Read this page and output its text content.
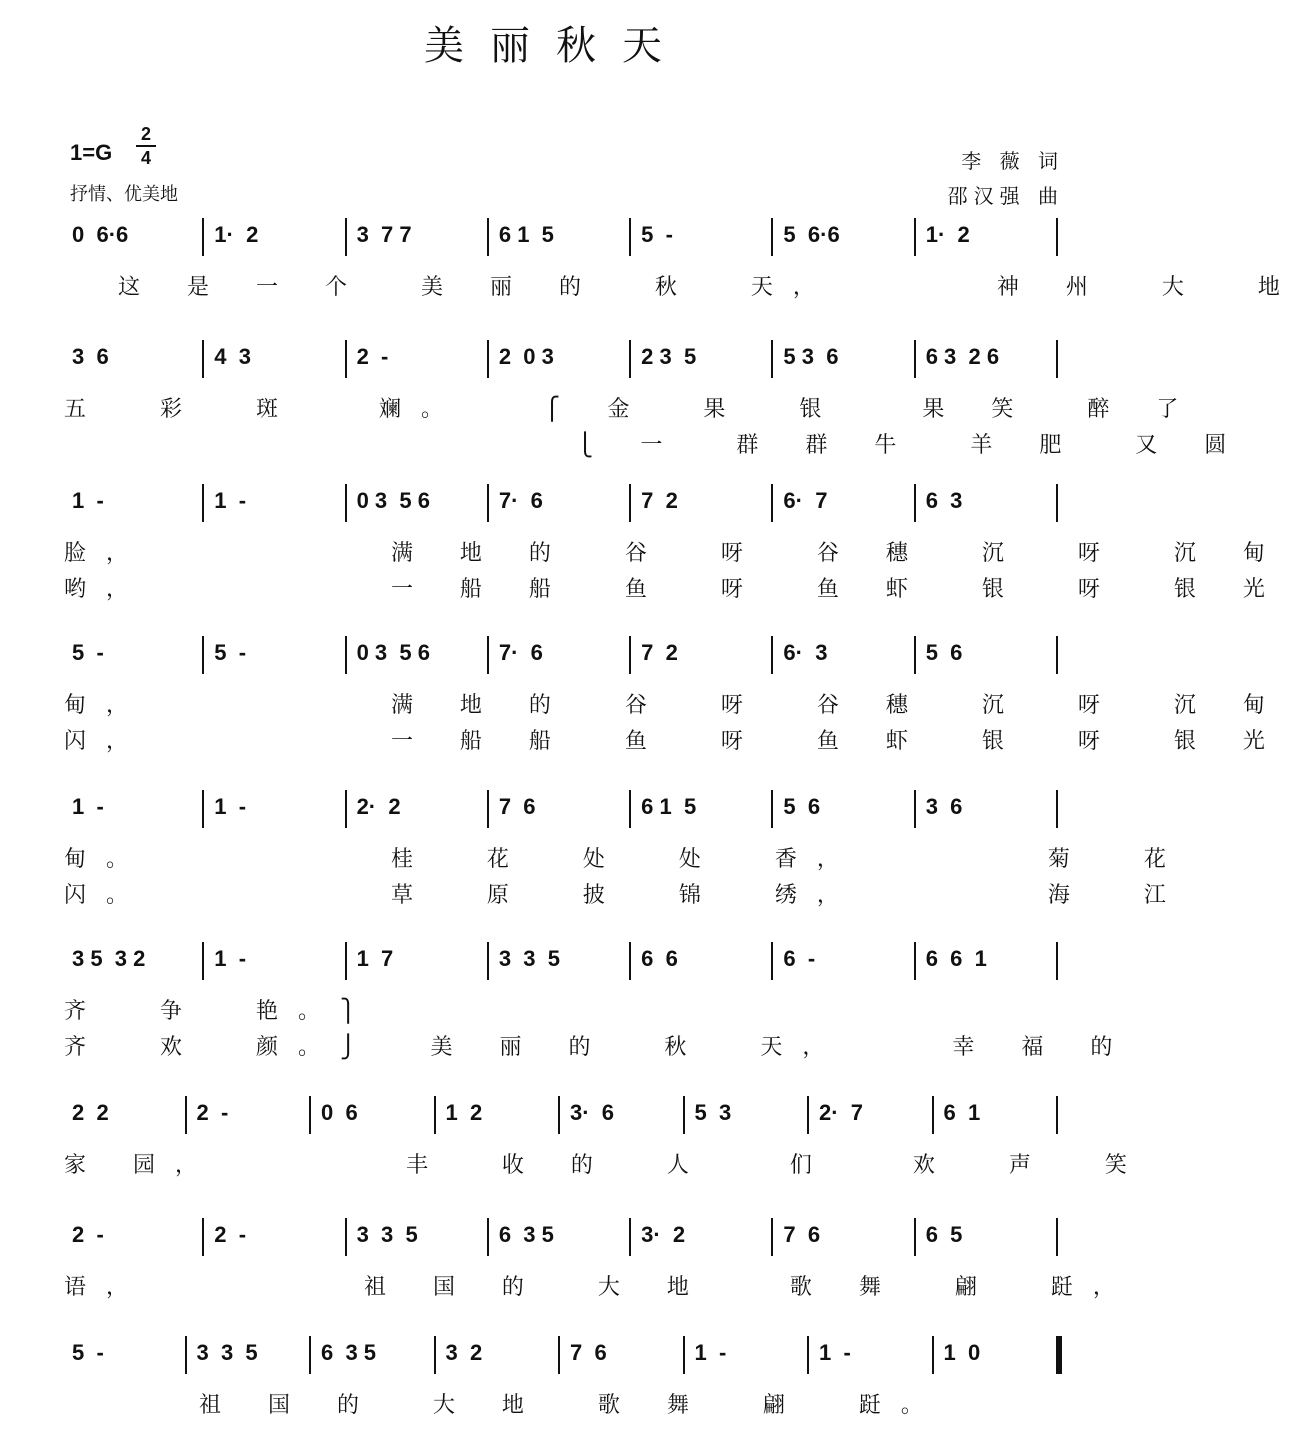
美丽秋天
1=G
2
4
抒情、优美地
李 薇 词
邵汉强 曲
0  6·6	1·  2	3  7 7	6 1  5	5  -	5  6·6	1·  2
这 是 一 个  美 丽 的  秋  天，      神 州  大  地
3  6	4  3	2  -	2  0 3	2 3  5	5 3  6	6 3  2 6
五  彩  斑   斓。   ⎧ 金  果  银   果 笑  醉 了
⎩ 一  群 群 牛  羊 肥  又 圆
1  -	1  -	0 3  5 6	7·  6	7  2	6·  7	6  3
脸，         满 地 的  谷  呀  谷 穗  沉  呀  沉 甸
哟，         一 船 船  鱼  呀  鱼 虾  银  呀  银 光
5  -	5  -	0 3  5 6	7·  6	7  2	6·  3	5  6
甸，         满 地 的  谷  呀  谷 穗  沉  呀  沉 甸
闪，         一 船 船  鱼  呀  鱼 虾  银  呀  银 光
1  -	1  -	2·  2	7  6	6 1  5	5  6	3  6
甸。         桂  花  处  处  香，       菊  花
闪。         草  原  披  锦  绣，       海  江
3 5  3 2	1  -	1  7	3  3  5	6  6	6  -	6  6  1
齐  争  艳。⎫
齐  欢  颜。⎭  美 丽 的  秋  天，    幸 福 的
2  2	2  -	0  6	1  2	3·  6	5  3	2·  7	6  1
家 园，       丰  收 的  人   们   欢  声  笑
2  -	2  -	3  3  5	6  3 5	3·  2	7  6	6  5
语，        祖 国 的  大 地   歌 舞  翩  跹，
5  -	3  3  5	6  3 5	3  2	7  6	1  -	1  -	1  0
祖 国 的  大 地  歌 舞  翩  跹。
